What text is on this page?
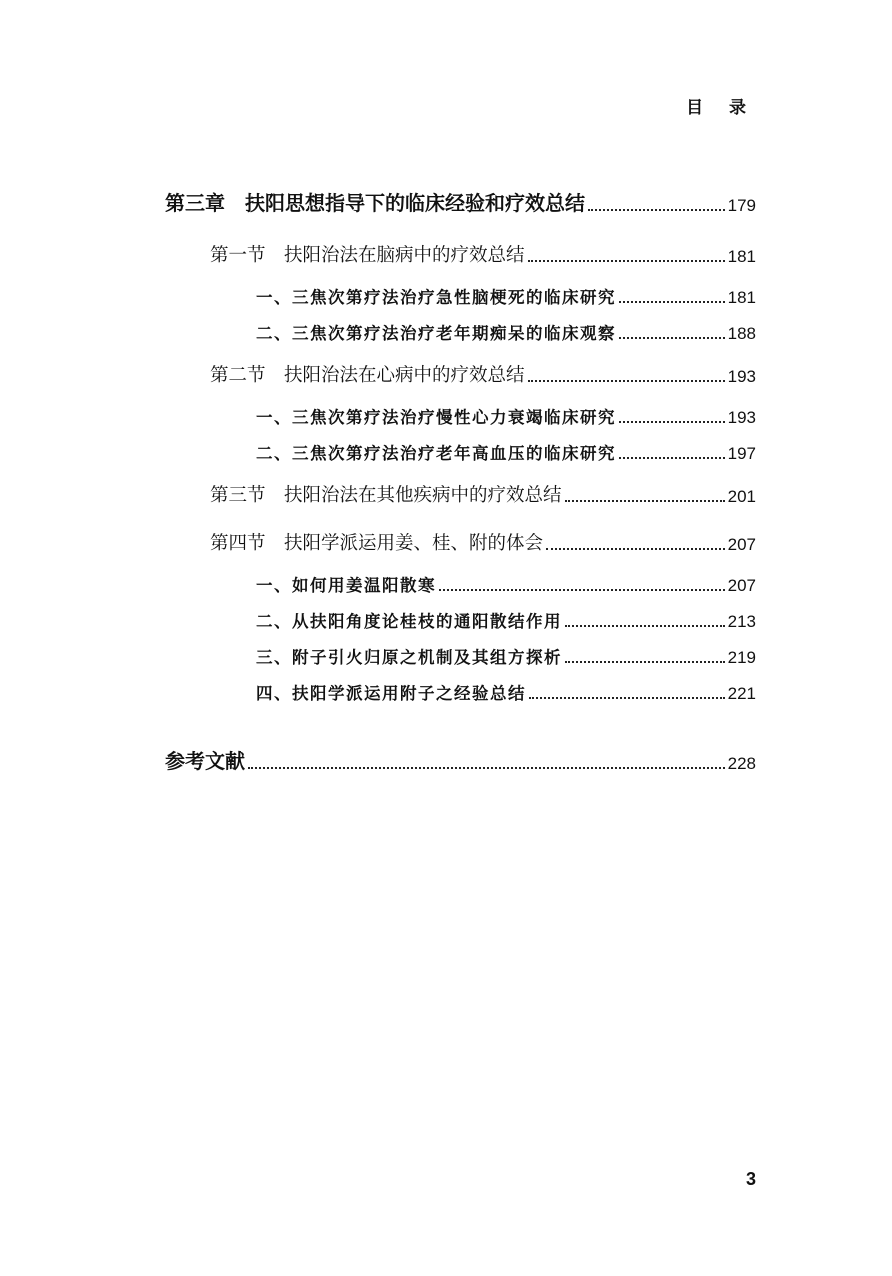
目 录
第三章　扶阳思想指导下的临床经验和疗效总结	179
第一节　扶阳治法在脑病中的疗效总结	181
一、三焦次第疗法治疗急性脑梗死的临床研究	181
二、三焦次第疗法治疗老年期痴呆的临床观察	188
第二节　扶阳治法在心病中的疗效总结	193
一、三焦次第疗法治疗慢性心力衰竭临床研究	193
二、三焦次第疗法治疗老年高血压的临床研究	197
第三节　扶阳治法在其他疾病中的疗效总结	201
第四节　扶阳学派运用姜、桂、附的体会	207
一、如何用姜温阳散寒	207
二、从扶阳角度论桂枝的通阳散结作用	213
三、附子引火归原之机制及其组方探析	219
四、扶阳学派运用附子之经验总结	221
参考文献	228
3
